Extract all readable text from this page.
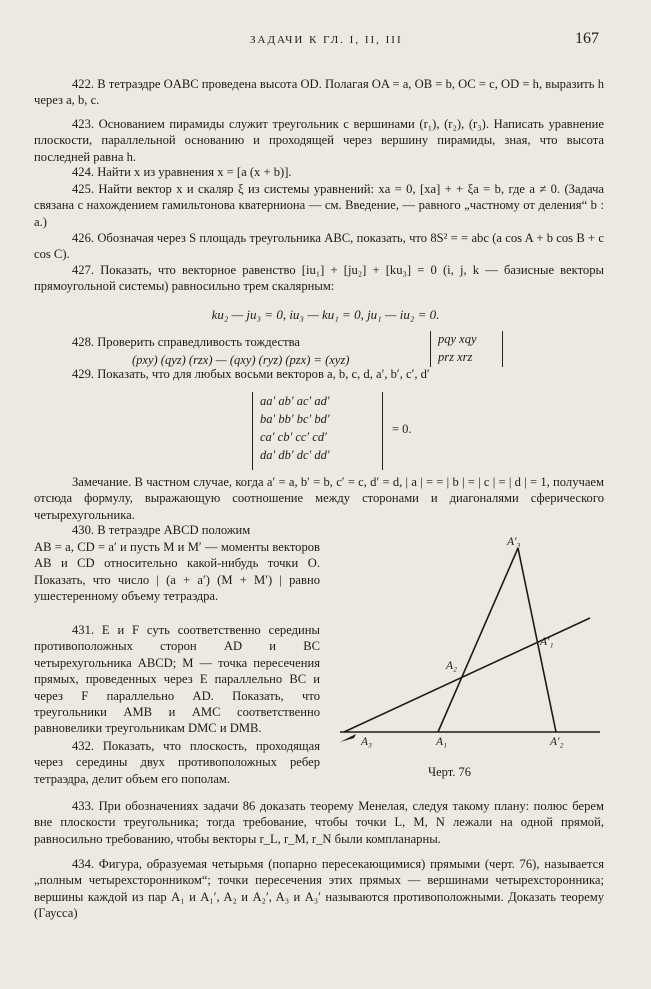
ЗАДАЧИ К ГЛ. I, II, III	167
422. В тетраэдре OABC проведена высота OD. Полагая OA = a, OB = b, OC = c, OD = h, выразить h через a, b, c.
423. Основанием пирамиды служит треугольник с вершинами (r₁), (r₂), (r₃). Написать уравнение плоскости, параллельной основанию и проходящей через вершину пирамиды, зная, что высота последней равна h.
424. Найти x из уравнения x = [a (x + b)].
425. Найти вектор x и скаляр ξ из системы уравнений: xa = 0, [xa] + + ξa = b, где a ≠ 0. (Задача связана с нахождением гамильтонова кватерниона — см. Введение, — равного „частному от деления“ b : a.)
426. Обозначая через S площадь треугольника ABC, показать, что 8S² = = abc (a cos A + b cos B + c cos C).
427. Показать, что векторное равенство [iu₁] + [ju₂] + [ku₃] = 0 (i, j, k — базисные векторы прямоугольной системы) равносильно трем скалярным:
ku₂ — ju₃ = 0, iu₃ — ku₁ = 0, ju₁ — iu₂ = 0.
428. Проверить справедливость тождества
(pxy) (qyz) (rzx) — (qxy) (ryz) (pzx) = (xyz)
pqy xqy
prz xrz
429. Показать, что для любых восьми векторов a, b, c, d, a′, b′, c′, d′
aa′ ab′ ac′ ad′
ba′ bb′ bc′ bd′
ca′ cb′ cc′ cd′
da′ db′ dc′ dd′
= 0.
Замечание. В частном случае, когда a′ = a, b′ = b, c′ = c, d′ = d, | a | = = | b | = | c | = | d | = 1, получаем отсюда формулу, выражающую соотношение между сторонами и диагоналями сферического четырехугольника.
430. В тетраэдре ABCD положим
AB = a, CD = a′ и пусть M и M′ — моменты векторов AB и CD относительно какой-нибудь точки O. Показать, что число | (a + a′) (M + M′) | равно ушестеренному объему тетраэдра.
431. E и F суть соответственно середины противоположных сторон AD и BC четырехугольника ABCD; M — точка пересечения прямых, проведенных через E параллельно BC и через F параллельно AD. Показать, что треугольники AMB и AMC соответственно равновелики треугольникам DMC и DMB.
432. Показать, что плоскость, проходящая через середины двух противоположных ребер тетраэдра, делит объем его пополам.
A′₃
A′₁
A₂
A₃	A₁	A′₂
Черт. 76
433. При обозначениях задачи 86 доказать теорему Менелая, следуя такому плану: полюс берем вне плоскости треугольника; тогда требование, чтобы точки L, M, N лежали на одной прямой, равносильно требованию, чтобы векторы r_L, r_M, r_N были компланарны.
434. Фигура, образуемая четырьмя (попарно пересекающимися) прямыми (черт. 76), называется „полным четырехсторонником“; точки пересечения этих прямых — вершинами четырехсторонника; вершины каждой из пар A₁ и A₁′, A₂ и A₂′, A₃ и A₃′ называются противоположными. Доказать теорему (Гаусса)
